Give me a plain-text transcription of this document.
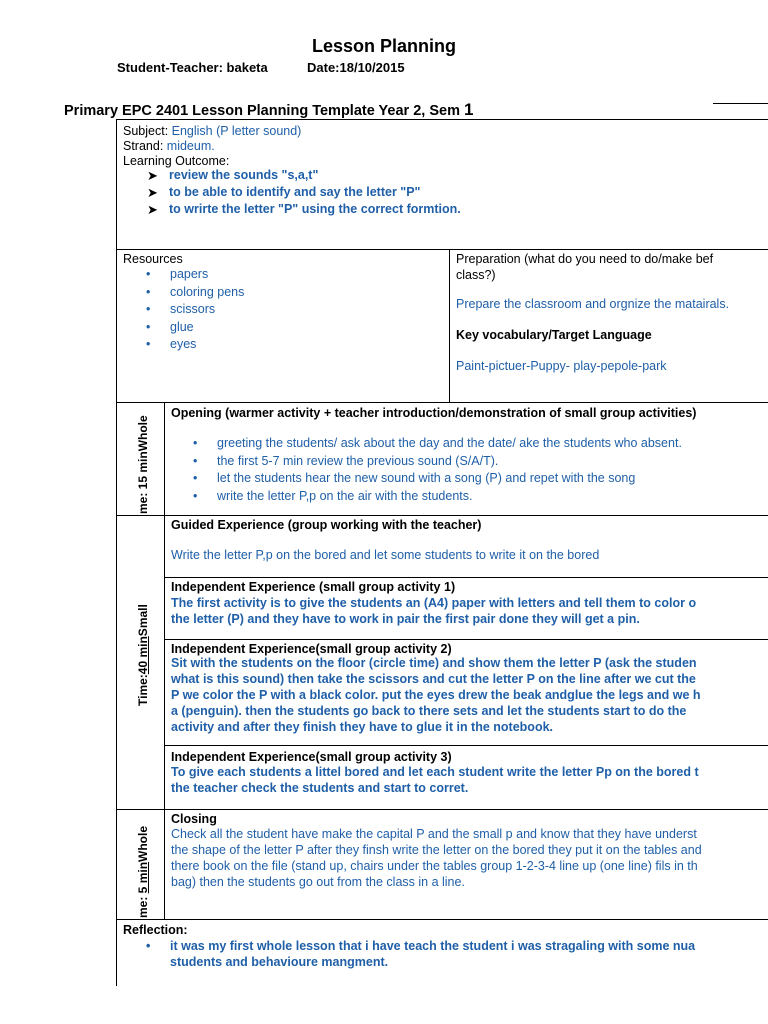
Lesson Planning
Student-Teacher: baketa	Date:18/10/2015
Primary EPC 2401 Lesson Planning Template Year 2, Sem 1
Subject: English (P letter sound)
Strand: mideum.
Learning Outcome:
➤ review the sounds "s,a,t"
➤ to be able to identify and say the letter "P"
➤ to wrirte the letter "P" using the correct formtion.
Resources
• papers
• coloring pens
• scissors
• glue
• eyes
Preparation (what do you need to do/make bef
class?)
Prepare the classroom and orgnize the matairals.
Key vocabulary/Target Language
Paint-pictuer-Puppy- play-pepole-park
me: 15 minWhole
Opening (warmer activity + teacher introduction/demonstration of small group activities)
• greeting the students/ ask about the day and the date/ ake the students who absent.
• the first 5-7 min review the previous sound (S/A/T).
• let the students hear the new sound with a song (P) and repet with the song
• write the letter P,p on the air with the students.
Time:40 minSmall
Guided Experience (group working with the teacher)
Write the letter P,p on the bored and let some students to write it on the bored
Independent Experience (small group activity 1)
The first activity is to give the students an (A4) paper with letters and tell them to color o
the letter (P) and they have to work in pair the first pair done they will get a pin.
Independent Experience(small group activity 2)
Sit with the students on the floor (circle time) and show them the letter P (ask the studen
what is this sound) then take the scissors and cut the letter P on the line after we cut the
P we color the P with a black color. put the eyes drew the beak andglue the legs and we h
a (penguin). then the students go back to there sets and let the students start to do the
activity and after they finish they have to glue it in the notebook.
Independent Experience(small group activity 3)
To give each students a littel bored and let each student write the letter Pp on the bored t
the teacher check the students and start to corret.
me: 5 minWhole
Closing
Check all the student have make the capital P and the small p and know that they have underst
the shape of the letter P after they finsh write the letter on the bored they put it on the tables and
there book on the file (stand up, chairs under the tables group 1-2-3-4 line up (one line) fils in th
bag) then the students go out from the class in a line.
Reflection:
• it was my first whole lesson that i have teach the student i was stragaling with some nua
students and behavioure mangment.
